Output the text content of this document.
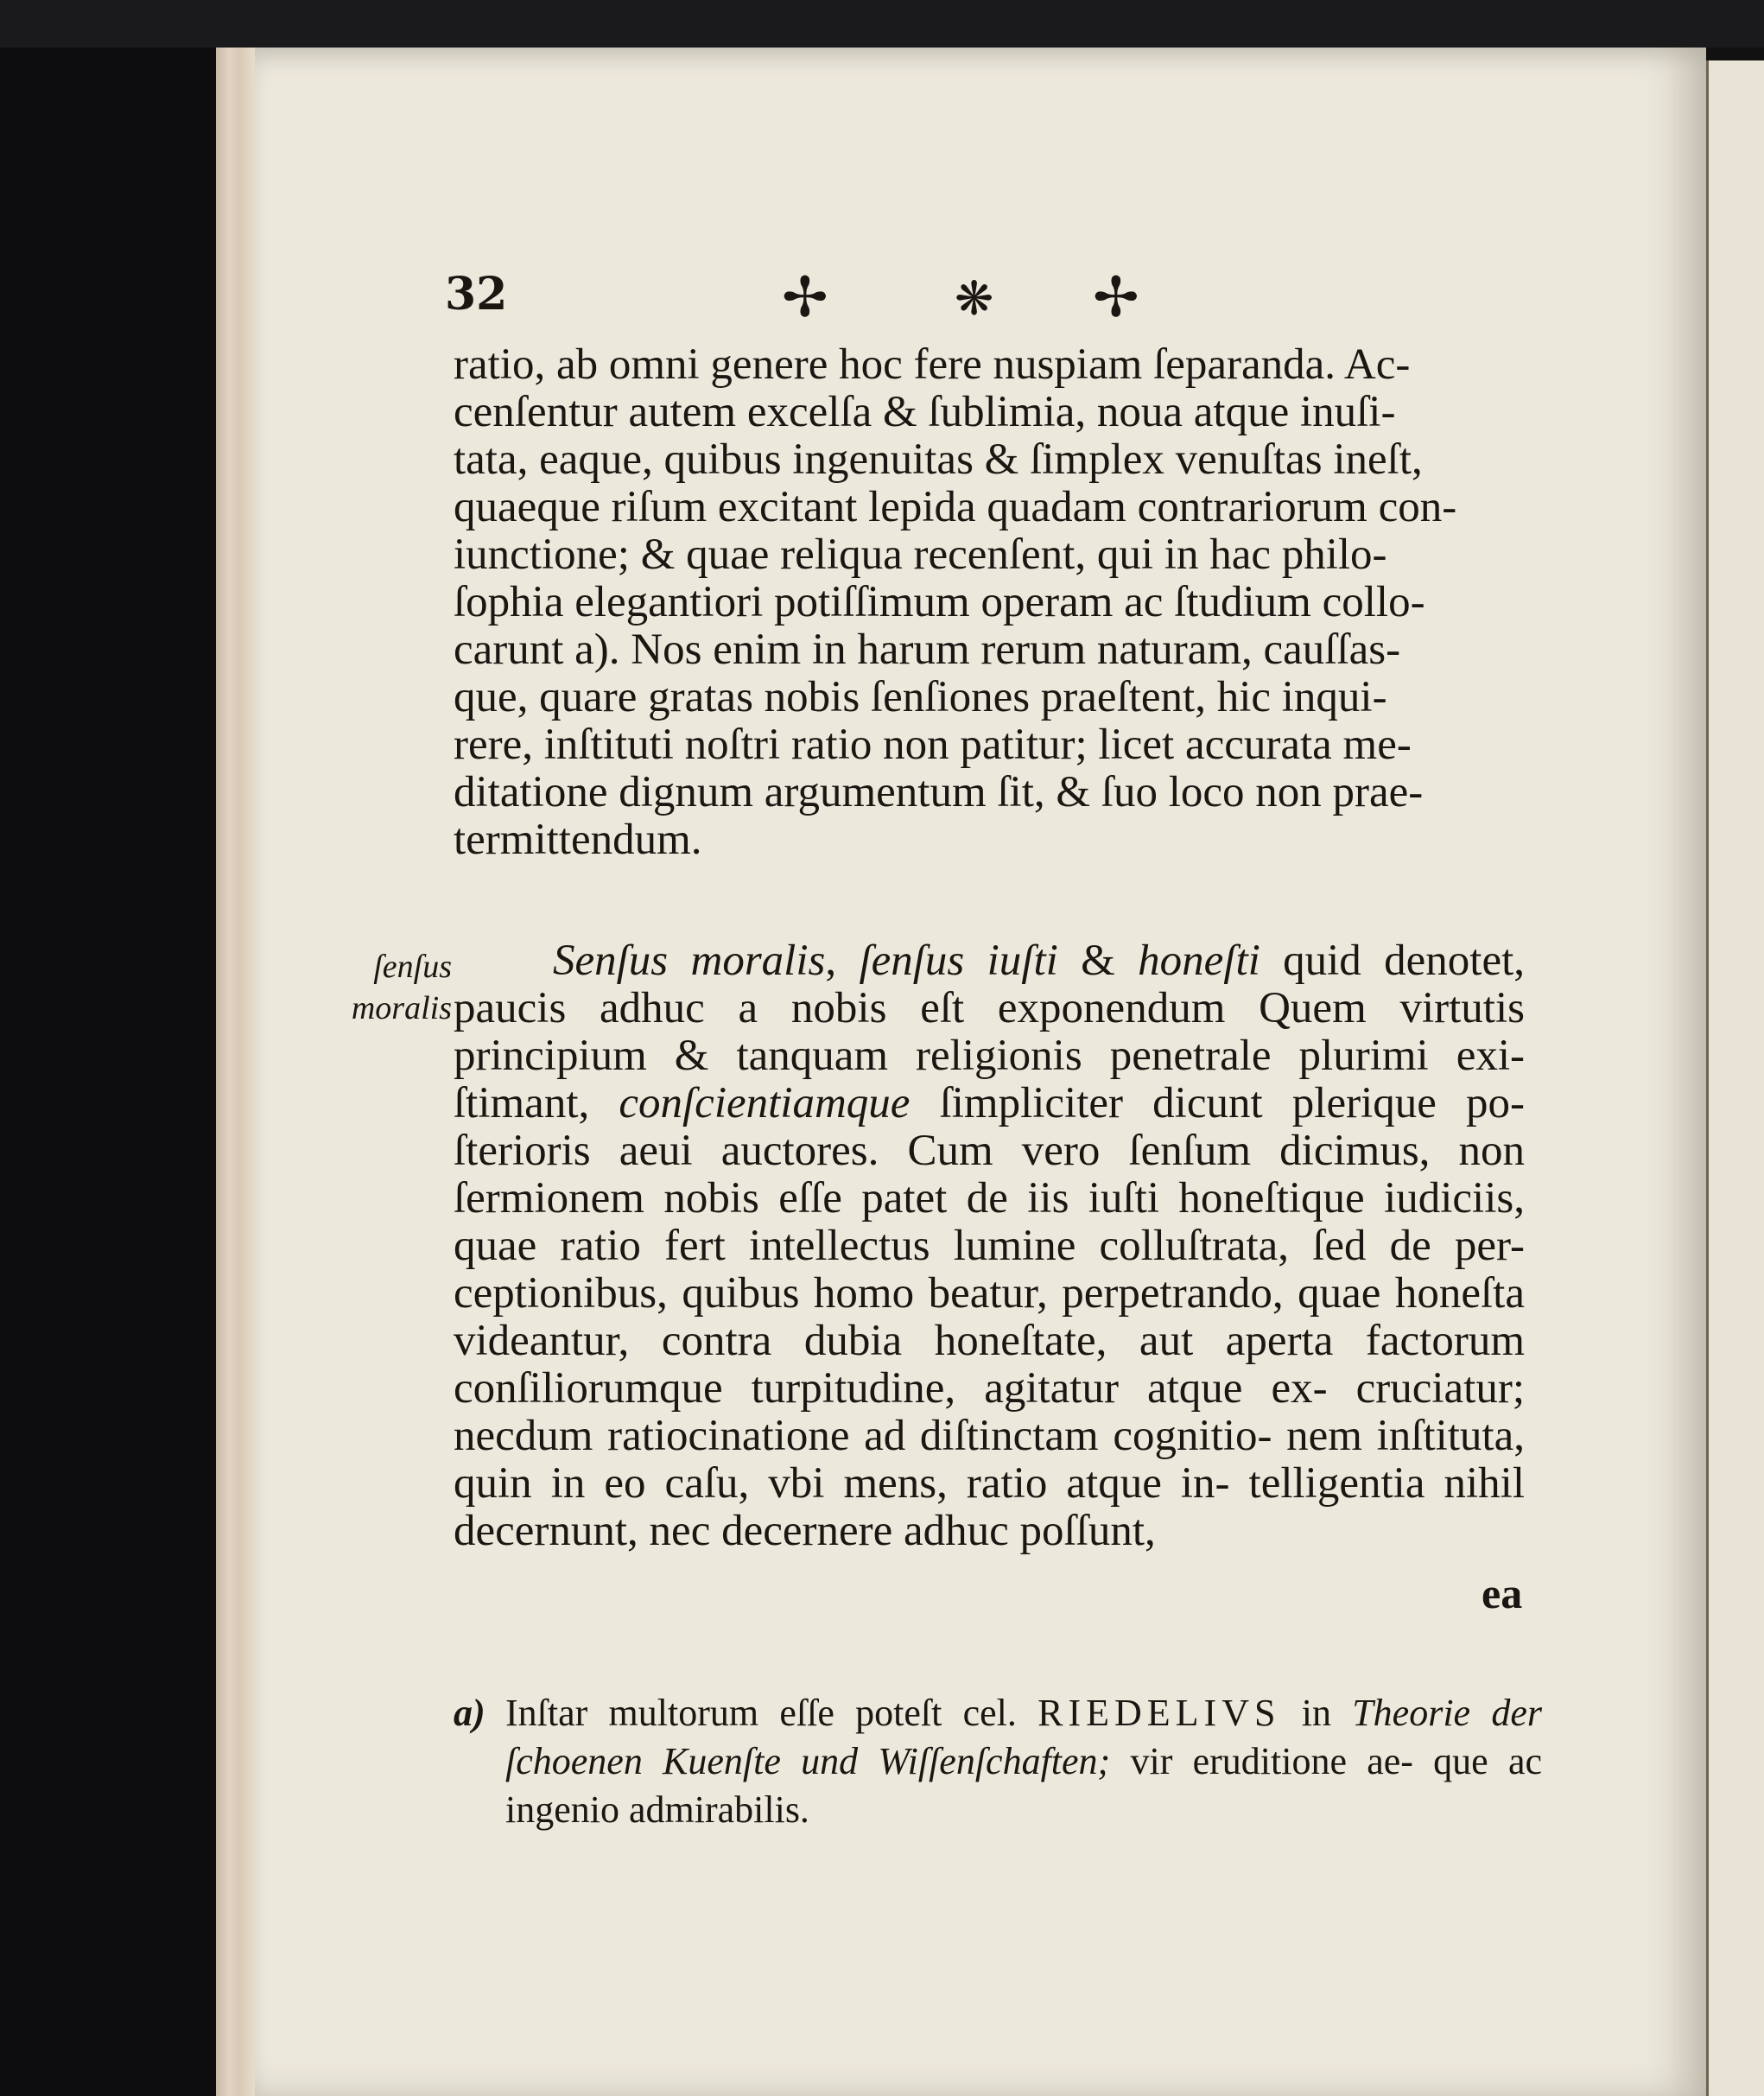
32	✢	❋ ✢
ratio, ab omni genere hoc fere nuspiam ſeparanda. Ac-
cenſentur autem excelſa & ſublimia, noua atque inuſi-
tata, eaque, quibus ingenuitas & ſimplex venuſtas ineſt,
quaeque riſum excitant lepida quadam contrariorum con-
iunctione; & quae reliqua recenſent, qui in hac philo-
ſophia elegantiori potiſſimum operam ac ſtudium collo-
carunt a). Nos enim in harum rerum naturam, cauſſas-
que, quare gratas nobis ſenſiones praeſtent, hic inqui-
rere, inſtituti noſtri ratio non patitur; licet accurata me-
ditatione dignum argumentum ſit, & ſuo loco non prae-
termittendum.
ſenſus
moralis
Senſus moralis, ſenſus iuſti & honeſti quid denotet, paucis adhuc a nobis eſt exponendum Quem virtutis principium & tanquam religionis penetrale plurimi exi- ſtimant, conſcientiamque ſimpliciter dicunt plerique po- ſterioris aeui auctores. Cum vero ſenſum dicimus, non ſermionem nobis eſſe patet de iis iuſti honeſtique iudiciis, quae ratio fert intellectus lumine colluſtrata, ſed de per- ceptionibus, quibus homo beatur, perpetrando, quae honeſta videantur, contra dubia honeſtate, aut aperta factorum conſiliorumque turpitudine, agitatur atque ex- cruciatur; necdum ratiocinatione ad diſtinctam cognitio- nem inſtituta, quin in eo caſu, vbi mens, ratio atque in- telligentia nihil decernunt, nec decernere adhuc poſſunt,
ea
a) Inſtar multorum eſſe poteſt cel. RIEDELIVS in Theorie der ſchoenen Kuenſte und Wiſſenſchaften; vir eruditione ae- que ac ingenio admirabilis.
